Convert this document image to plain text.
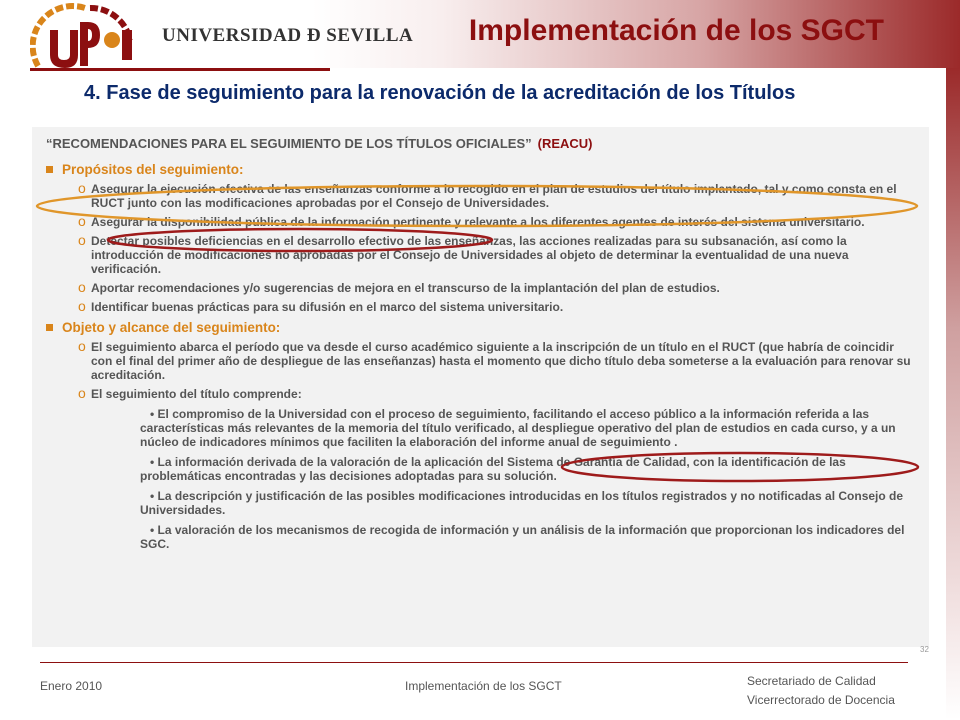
Implementación de los SGCT
UNIVERSIDAD Ð SEVILLA
4. Fase de seguimiento para la renovación de la acreditación de los Títulos
“RECOMENDACIONES PARA EL SEGUIMIENTO DE LOS TÍTULOS OFICIALES” (REACU)
Propósitos del seguimiento:
o Asegurar la ejecución efectiva de las enseñanzas conforme a lo recogido en el plan de estudios del título implantado, tal y como consta en el RUCT junto con las modificaciones aprobadas por el Consejo de Universidades.
o Asegurar la disponibilidad pública de la información pertinente y relevante a los diferentes agentes de interés del sistema universitario.
o Detectar posibles deficiencias en el desarrollo efectivo de las enseñanzas, las acciones realizadas para su subsanación, así como la introducción de modificaciones no aprobadas por el Consejo de Universidades al objeto de determinar la eventualidad de una nueva verificación.
o Aportar recomendaciones y/o sugerencias de mejora en el transcurso de la implantación del plan de estudios.
o Identificar buenas prácticas para su difusión en el marco del sistema universitario.
Objeto y alcance del seguimiento:
o El seguimiento abarca el período que va desde el curso académico siguiente a la inscripción de un título en el RUCT (que habría de coincidir con el final del primer año de despliegue de las enseñanzas) hasta el momento que dicho título deba someterse a la evaluación para renovar su acreditación.
o El seguimiento del título comprende:
• El compromiso de la Universidad con el proceso de seguimiento, facilitando el acceso público a la información referida a las características más relevantes de la memoria del título verificado, al despliegue operativo del plan de estudios en cada curso, y a un núcleo de indicadores mínimos que faciliten la elaboración del informe anual de seguimiento .
• La información derivada de la valoración de la aplicación del Sistema de Garantía de Calidad, con la identificación de las problemáticas encontradas y las decisiones adoptadas para su solución.
• La descripción y justificación de las posibles modificaciones introducidas en los títulos registrados y no notificadas al Consejo de Universidades.
• La valoración de los mecanismos de recogida de información y un análisis de la información que proporcionan los indicadores del SGC.
32
Enero 2010	Implementación de los SGCT	Secretariado de Calidad
Vicerrectorado de Docencia
